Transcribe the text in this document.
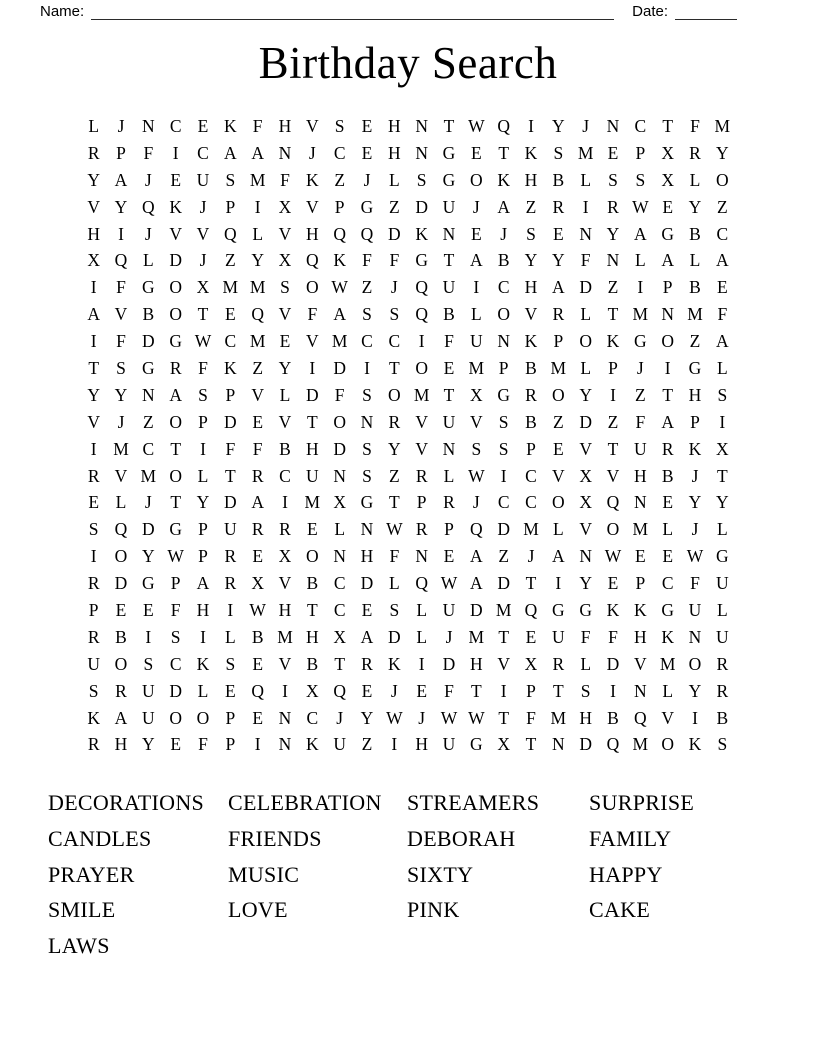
Name:	Date:
Birthday Search
L	J	N C E K F H V S E H N T W Q	I	Y	J	N C T F M
R P	F	I	C A A N	J	C E H N G E T K S M E P X R Y
Y A	J	E U S M F K Z	J	L S G O K H B L S	S X L O
V Y Q K	J	P	I	X V P G Z D U	J	A Z R	I	R W E Y Z
H	I	J	V V Q L V H Q Q D K N E	J	S E N Y A G B C
X Q L D	J	Z Y X Q K F	F G T A B Y Y F N L A L A
I	F G O X M M S O W Z	J	Q U	I	C H A D Z	I	P B E
A V B O T E Q V F A S	S Q B L O V R L T M N M F
I	F D G W C M E V M C C	I	F U N K P O K G O Z A
T S G R F K Z Y	I	D	I	T O E M P B M L P	J	I	G L
Y Y N A S	P V L D F	S O M T X G R O Y	I	Z T H S
V	J	Z O P D E V T O N R V U V S B Z D Z F A P	I
I M C T	I	F	F B H D S Y V N S	S	P E V T U R K X
R V M O L T R C U N S Z R L W I	C V X V H B	J	T
E L	J	T Y D A	I M X G T P R	J	C C O X Q N E Y Y
S Q D G P U R R E L N W R P Q D M L V O M L	J	L
I	O Y W P R E X O N H F N E A Z	J	A N W E E W G
R D G P A R X V B C D L Q W A D T	I	Y E P C F U
P E E F H	I W H T C E S L U D M Q G G K K G U L
R B	I	S	I	L B M H X A D L	J M T E U F	F H K N U
U O S C K S E V B T R K	I	D H V X R L D V M O R
S R U D L E Q	I	X Q E	J	E F T	I	P T S	I	N L Y R
K A U O O P E N C	J	Y W J W W T F M H B Q V	I	B
R H Y E F	P	I	N K U Z	I	H U G X T N D Q M O K S
DECORATIONS
CANDLES
PRAYER
SMILE
LAWS
CELEBRATION
FRIENDS
MUSIC
LOVE
STREAMERS
DEBORAH
SIXTY
PINK
SURPRISE
FAMILY
HAPPY
CAKE
